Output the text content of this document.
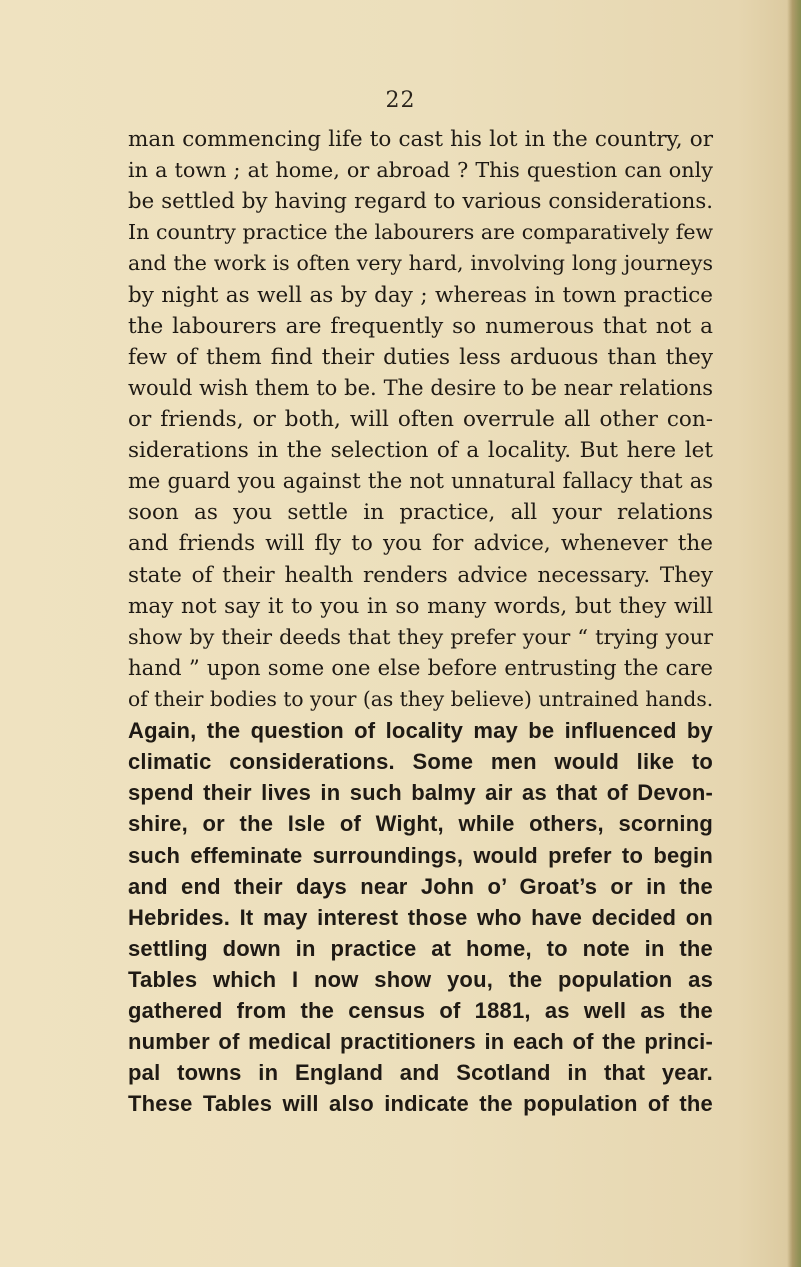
22
man commencing life to cast his lot in the country, or
in a town ; at home, or abroad ? This question can only
be settled by having regard to various considerations.
In country practice the labourers are comparatively few
and the work is often very hard, involving long journeys
by night as well as by day ; whereas in town practice
the labourers are frequently so numerous that not a
few of them find their duties less arduous than they
would wish them to be. The desire to be near relations
or friends, or both, will often overrule all other con-
siderations in the selection of a locality. But here let
me guard you against the not unnatural fallacy that as
soon as you settle in practice, all your relations
and friends will fly to you for advice, whenever the
state of their health renders advice necessary. They
may not say it to you in so many words, but they will
show by their deeds that they prefer your “ trying your
hand ” upon some one else before entrusting the care
of their bodies to your (as they believe) untrained hands.
Again, the question of locality may be influenced by
climatic considerations. Some men would like to
spend their lives in such balmy air as that of Devon-
shire, or the Isle of Wight, while others, scorning
such effeminate surroundings, would prefer to begin
and end their days near John o’ Groat’s or in the
Hebrides. It may interest those who have decided on
settling down in practice at home, to note in the
Tables which I now show you, the population as
gathered from the census of 1881, as well as the
number of medical practitioners in each of the princi-
pal towns in England and Scotland in that year.
These Tables will also indicate the population of the
